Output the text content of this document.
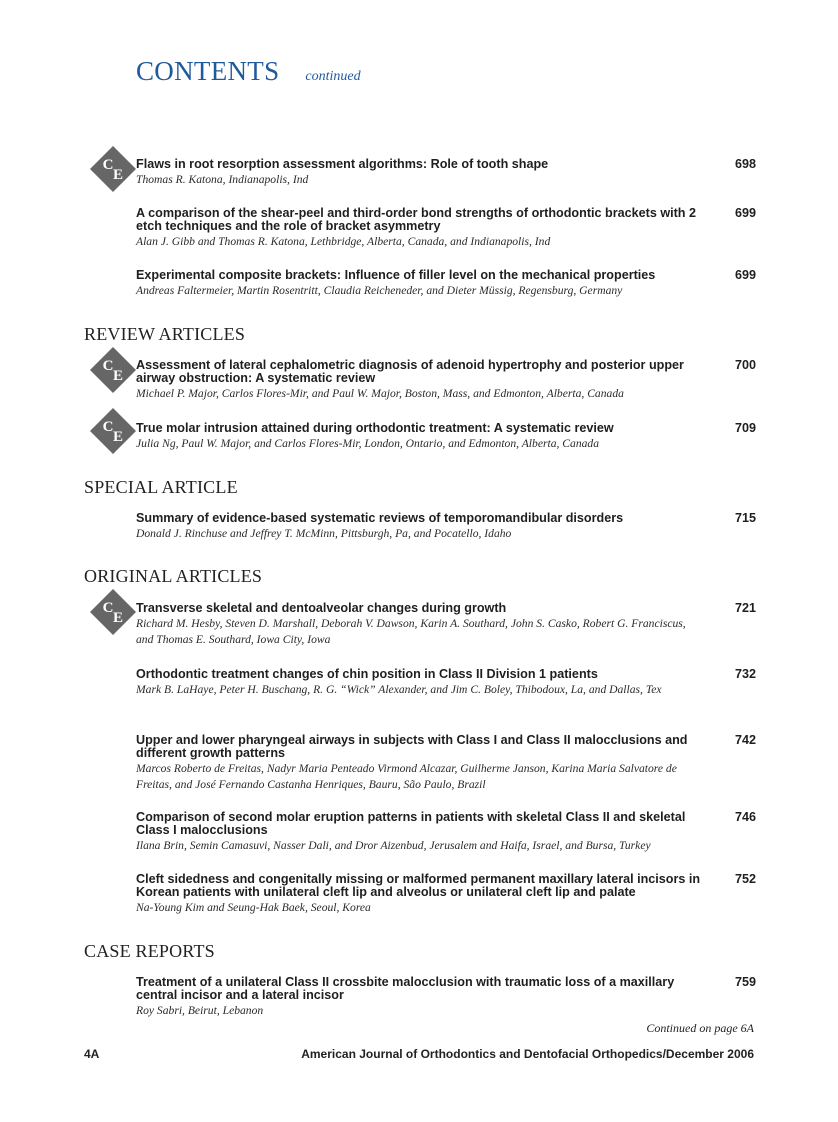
CONTENTS continued
C
E
C
E
C
E
C
E
Flaws in root resorption assessment algorithms: Role of tooth shape
Thomas R. Katona, Indianapolis, Ind
698
A comparison of the shear-peel and third-order bond strengths of orthodontic brackets with 2 etch techniques and the role of bracket asymmetry
Alan J. Gibb and Thomas R. Katona, Lethbridge, Alberta, Canada, and Indianapolis, Ind
699
Experimental composite brackets: Influence of filler level on the mechanical properties
Andreas Faltermeier, Martin Rosentritt, Claudia Reicheneder, and Dieter Müssig, Regensburg, Germany
699
REVIEW ARTICLES
Assessment of lateral cephalometric diagnosis of adenoid hypertrophy and posterior upper airway obstruction: A systematic review
Michael P. Major, Carlos Flores-Mir, and Paul W. Major, Boston, Mass, and Edmonton, Alberta, Canada
700
True molar intrusion attained during orthodontic treatment: A systematic review
Julia Ng, Paul W. Major, and Carlos Flores-Mir, London, Ontario, and Edmonton, Alberta, Canada
709
SPECIAL ARTICLE
Summary of evidence-based systematic reviews of temporomandibular disorders
Donald J. Rinchuse and Jeffrey T. McMinn, Pittsburgh, Pa, and Pocatello, Idaho
715
ORIGINAL ARTICLES
Transverse skeletal and dentoalveolar changes during growth
Richard M. Hesby, Steven D. Marshall, Deborah V. Dawson, Karin A. Southard, John S. Casko, Robert G. Franciscus, and Thomas E. Southard, Iowa City, Iowa
721
Orthodontic treatment changes of chin position in Class II Division 1 patients
Mark B. LaHaye, Peter H. Buschang, R. G. “Wick” Alexander, and Jim C. Boley, Thibodoux, La, and Dallas, Tex
732
Upper and lower pharyngeal airways in subjects with Class I and Class II malocclusions and different growth patterns
Marcos Roberto de Freitas, Nadyr Maria Penteado Virmond Alcazar, Guilherme Janson, Karina Maria Salvatore de Freitas, and José Fernando Castanha Henriques, Bauru, São Paulo, Brazil
742
Comparison of second molar eruption patterns in patients with skeletal Class II and skeletal Class I malocclusions
Ilana Brin, Semin Camasuvi, Nasser Dali, and Dror Aizenbud, Jerusalem and Haifa, Israel, and Bursa, Turkey
746
Cleft sidedness and congenitally missing or malformed permanent maxillary lateral incisors in Korean patients with unilateral cleft lip and alveolus or unilateral cleft lip and palate
Na-Young Kim and Seung-Hak Baek, Seoul, Korea
752
CASE REPORTS
Treatment of a unilateral Class II crossbite malocclusion with traumatic loss of a maxillary central incisor and a lateral incisor
Roy Sabri, Beirut, Lebanon
759
Continued on page 6A
4A	American Journal of Orthodontics and Dentofacial Orthopedics/December 2006
